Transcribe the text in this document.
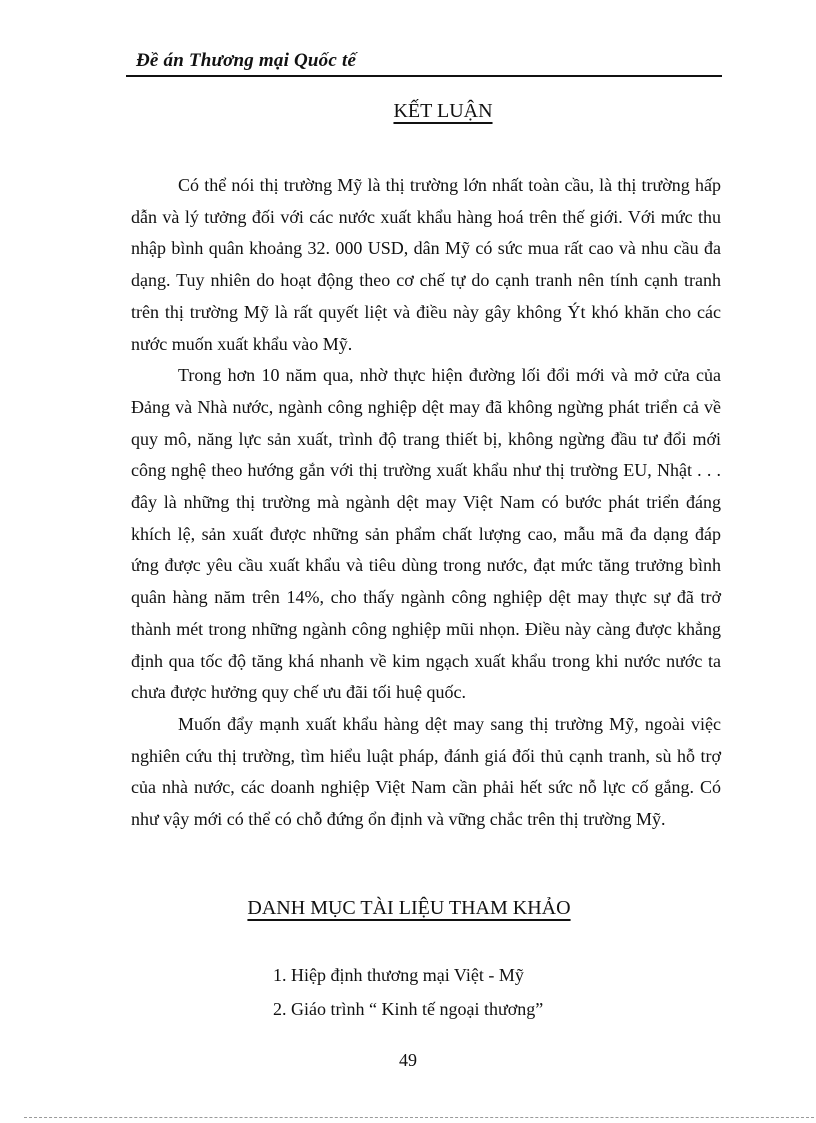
Đề án Thương mại Quốc tế
KẾT LUẬN

Có thể nói thị trường Mỹ là thị trường lớn nhất toàn cầu, là thị trường hấp dẫn và lý tưởng đối với các nước xuất khẩu hàng hoá trên thế giới. Với mức thu nhập bình quân khoảng 32. 000 USD, dân Mỹ có sức mua rất cao và nhu cầu đa dạng. Tuy nhiên do hoạt động theo cơ chế tự do cạnh tranh nên tính cạnh tranh trên thị trường Mỹ là rất quyết liệt và điều này gây không Ýt khó khăn cho các nước muốn xuất khẩu vào Mỹ.

Trong hơn 10 năm qua, nhờ thực hiện đường lối đổi mới và mở cửa của Đảng và Nhà nước, ngành công nghiệp dệt may đã không ngừng phát triển cả về quy mô, năng lực sản xuất, trình độ trang thiết bị, không ngừng đầu tư đổi mới công nghệ theo hướng gắn với thị trường xuất khẩu như thị trường EU, Nhật . . . đây là những thị trường mà ngành dệt may Việt Nam có bước phát triển đáng khích lệ, sản xuất được những sản phẩm chất lượng cao, mẫu mã đa dạng đáp ứng được yêu cầu xuất khẩu và tiêu dùng trong nước, đạt mức tăng trưởng bình quân hàng năm trên 14%, cho thấy ngành công nghiệp dệt may thực sự đã trở thành mét trong những ngành công nghiệp mũi nhọn. Điều này càng được khẳng định qua tốc độ tăng khá nhanh về kim ngạch xuất khẩu trong khi nước nước ta chưa được hưởng quy chế ưu đãi tối huệ quốc.

Muốn đẩy mạnh xuất khẩu hàng dệt may sang thị trường Mỹ, ngoài việc nghiên cứu thị trường, tìm hiểu luật pháp, đánh giá đối thủ cạnh tranh, sù hỗ trợ của nhà nước, các doanh nghiệp Việt Nam cần phải hết sức nỗ lực cố gắng. Có như vậy mới có thể có chỗ đứng ổn định và vững chắc trên thị trường Mỹ.

DANH MỤC TÀI LIỆU THAM KHẢO
1. Hiệp định thương mại Việt - Mỹ
2. Giáo trình “ Kinh tế ngoại thương”
49
